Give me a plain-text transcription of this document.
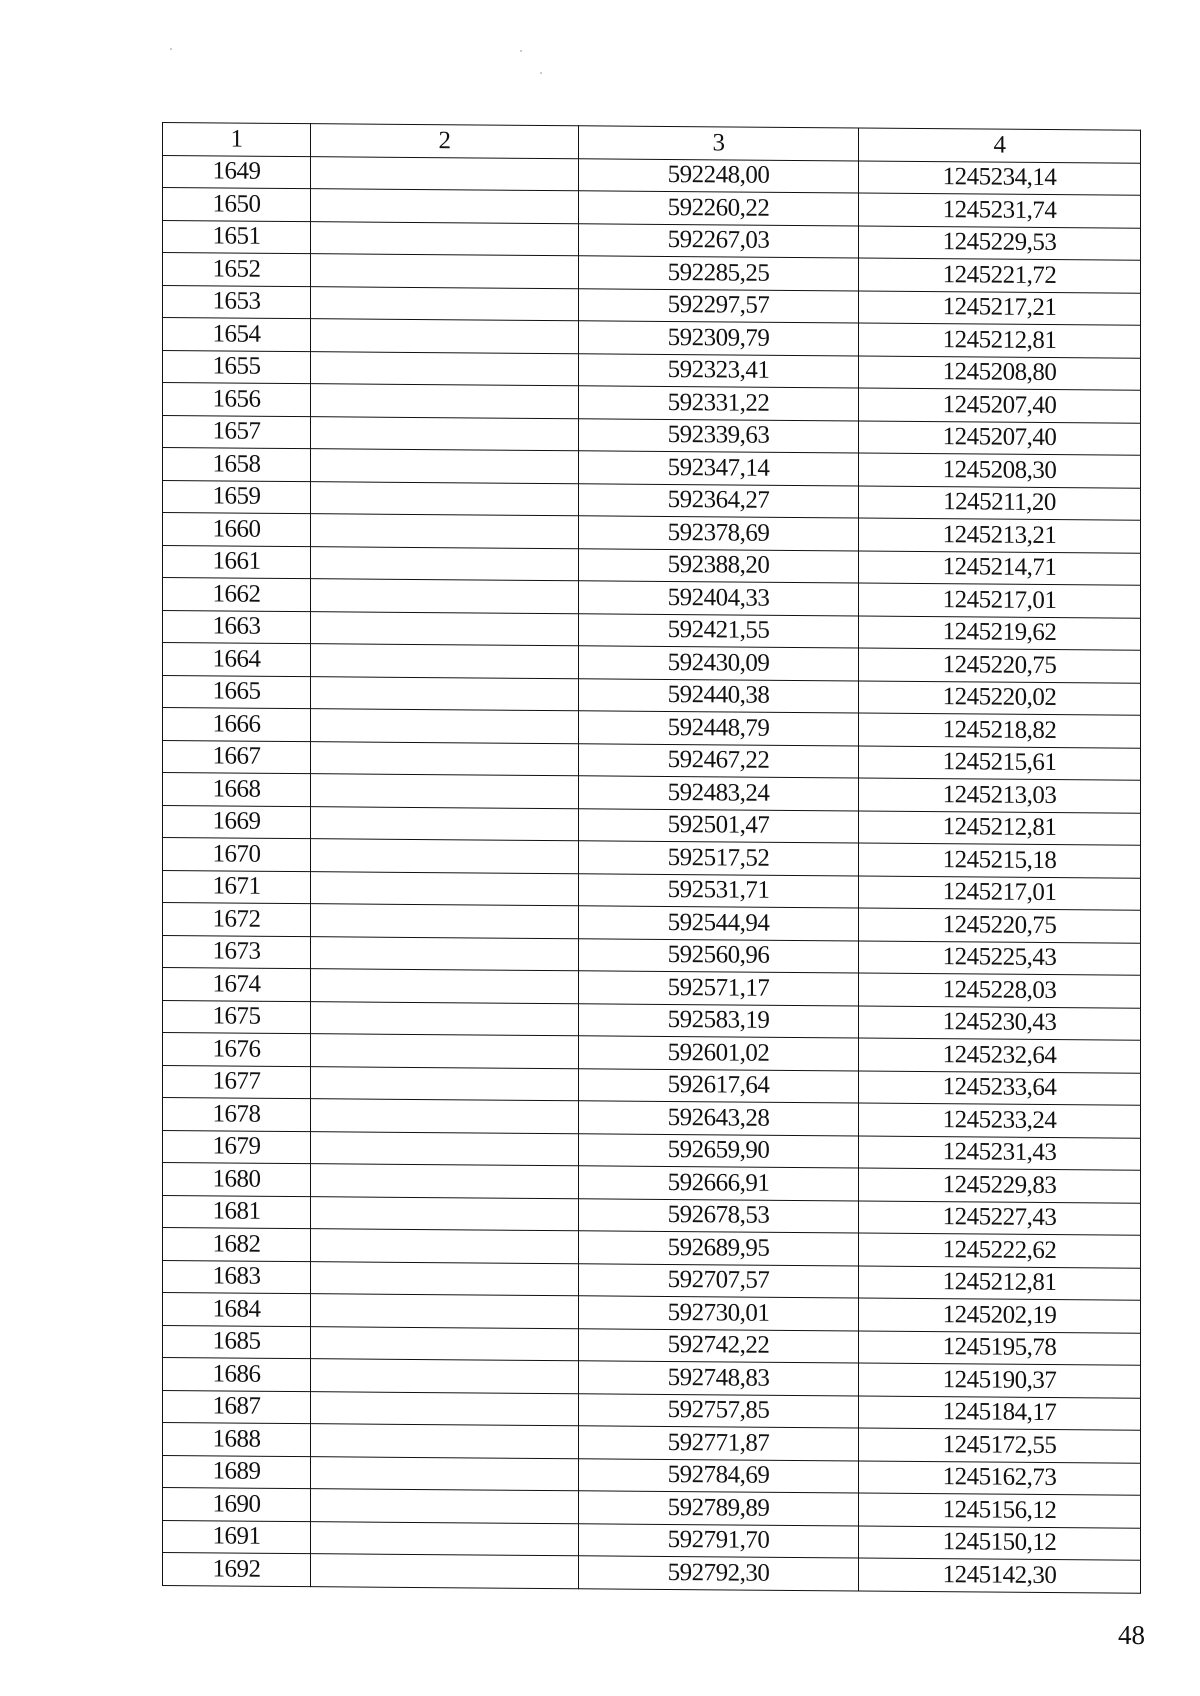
1	2	3	4
1649		592248,00	1245234,14
1650		592260,22	1245231,74
1651		592267,03	1245229,53
1652		592285,25	1245221,72
1653		592297,57	1245217,21
1654		592309,79	1245212,81
1655		592323,41	1245208,80
1656		592331,22	1245207,40
1657		592339,63	1245207,40
1658		592347,14	1245208,30
1659		592364,27	1245211,20
1660		592378,69	1245213,21
1661		592388,20	1245214,71
1662		592404,33	1245217,01
1663		592421,55	1245219,62
1664		592430,09	1245220,75
1665		592440,38	1245220,02
1666		592448,79	1245218,82
1667		592467,22	1245215,61
1668		592483,24	1245213,03
1669		592501,47	1245212,81
1670		592517,52	1245215,18
1671		592531,71	1245217,01
1672		592544,94	1245220,75
1673		592560,96	1245225,43
1674		592571,17	1245228,03
1675		592583,19	1245230,43
1676		592601,02	1245232,64
1677		592617,64	1245233,64
1678		592643,28	1245233,24
1679		592659,90	1245231,43
1680		592666,91	1245229,83
1681		592678,53	1245227,43
1682		592689,95	1245222,62
1683		592707,57	1245212,81
1684		592730,01	1245202,19
1685		592742,22	1245195,78
1686		592748,83	1245190,37
1687		592757,85	1245184,17
1688		592771,87	1245172,55
1689		592784,69	1245162,73
1690		592789,89	1245156,12
1691		592791,70	1245150,12
1692		592792,30	1245142,30
48
